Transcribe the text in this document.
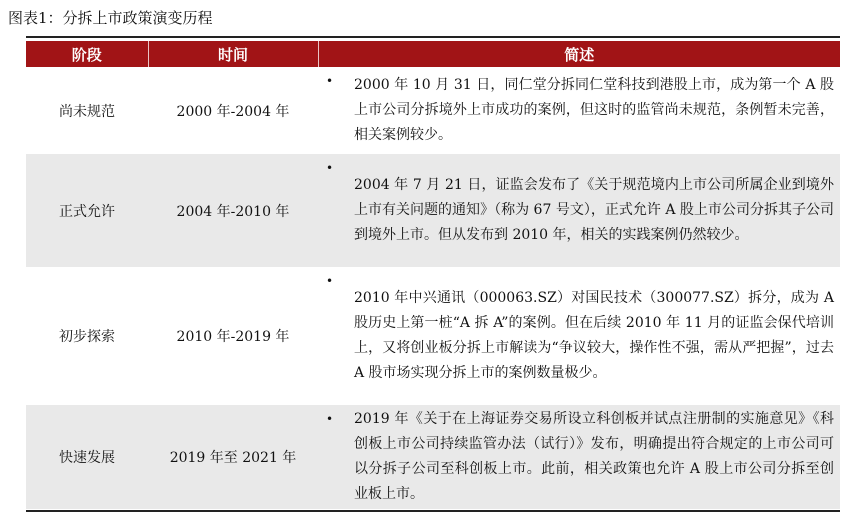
图表1：分拆上市政策演变历程
阶段	时间	简述
尚未规范	2000 年-2004 年	• 2000 年 10 月 31 日，同仁堂分拆同仁堂科技到港股上市，成为第一个 A 股上市公司分拆境外上市成功的案例，但这时的监管尚未规范，条例暂未完善，相关案例较少。

正式允许	2004 年-2010 年	•
2004 年 7 月 21 日，证监会发布了《关于规范境内上市公司所属企业到境外上市有关问题的通知》（称为 67 号文），正式允许 A 股上市公司分拆其子公司到境外上市。但从发布到 2010 年，相关的实践案例仍然较少。

初步探索	2010 年-2019 年	•
2010 年中兴通讯（000063.SZ）对国民技术（300077.SZ）拆分，成为 A 股历史上第一桩“A 拆 A”的案例。但在后续 2010 年 11 月的证监会保代培训上，又将创业板分拆上市解读为“争议较大，操作性不强，需从严把握”，过去 A 股市场实现分拆上市的案例数量极少。

快速发展	2019 年至 2021 年	• 2019 年《关于在上海证券交易所设立科创板并试点注册制的实施意见》《科创板上市公司持续监管办法（试行）》发布，明确提出符合规定的上市公司可以分拆子公司至科创板上市。此前，相关政策也允许 A 股上市公司分拆至创业板上市。
